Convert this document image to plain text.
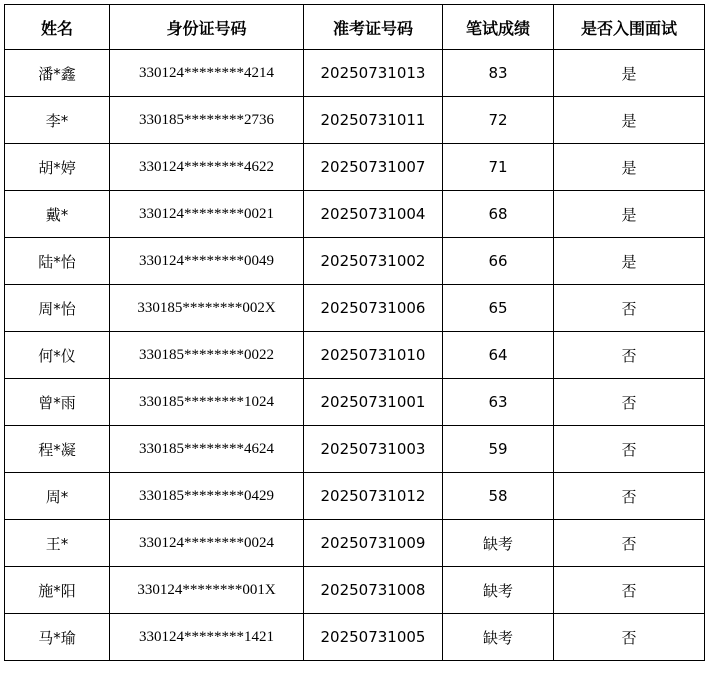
姓名	身份证号码	准考证号码	笔试成绩	是否入围面试
潘*鑫	330124********4214	20250731013	83	是
李*	330185********2736	20250731011	72	是
胡*婷	330124********4622	20250731007	71	是
戴*	330124********0021	20250731004	68	是
陆*怡	330124********0049	20250731002	66	是
周*怡	330185********002X	20250731006	65	否
何*仪	330185********0022	20250731010	64	否
曾*雨	330185********1024	20250731001	63	否
程*凝	330185********4624	20250731003	59	否
周*	330185********0429	20250731012	58	否
王*	330124********0024	20250731009	缺考	否
施*阳	330124********001X	20250731008	缺考	否
马*瑜	330124********1421	20250731005	缺考	否
